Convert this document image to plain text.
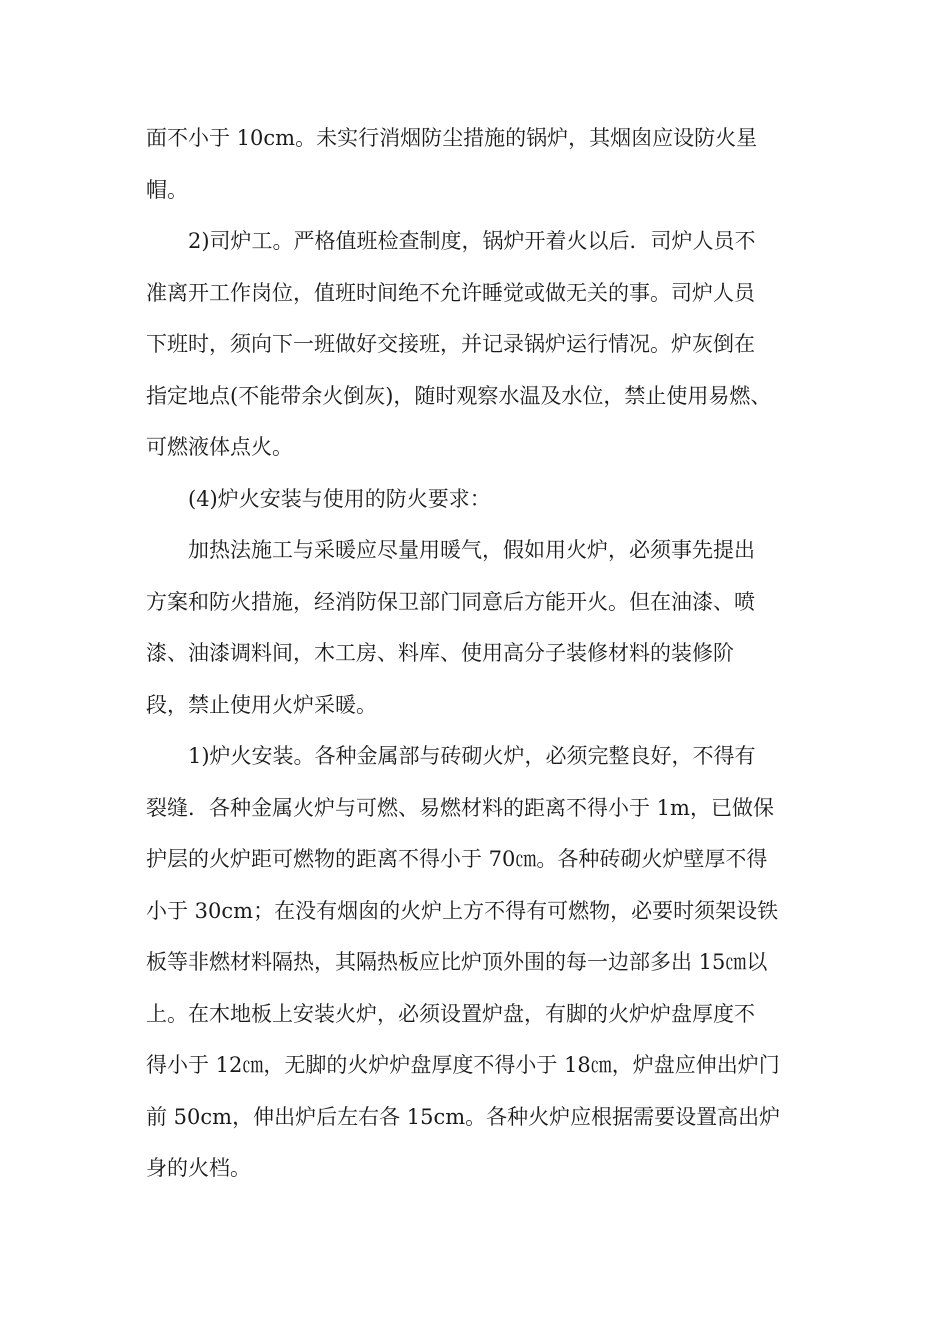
面不小于 10cm。未实行消烟防尘措施的锅炉，其烟囱应设防火星

帽。

2)司炉工。严格值班检查制度，锅炉开着火以后．司炉人员不

准离开工作岗位，值班时间绝不允许睡觉或做无关的事。司炉人员

下班时，须向下一班做好交接班，并记录锅炉运行情况。炉灰倒在

指定地点(不能带余火倒灰)，随时观察水温及水位，禁止使用易燃、

可燃液体点火。

(4)炉火安装与使用的防火要求：

加热法施工与采暖应尽量用暖气，假如用火炉，必须事先提出

方案和防火措施，经消防保卫部门同意后方能开火。但在油漆、喷

漆、油漆调料间，木工房、料库、使用高分子装修材料的装修阶

段，禁止使用火炉采暖。

1)炉火安装。各种金属部与砖砌火炉，必须完整良好，不得有

裂缝．各种金属火炉与可燃、易燃材料的距离不得小于 1m，已做保

护层的火炉距可燃物的距离不得小于 70㎝。各种砖砌火炉壁厚不得

小于 30cm；在没有烟囱的火炉上方不得有可燃物，必要时须架设铁

板等非燃材料隔热，其隔热板应比炉顶外围的每一边部多出 15㎝以

上。在木地板上安装火炉，必须设置炉盘，有脚的火炉炉盘厚度不

得小于 12㎝，无脚的火炉炉盘厚度不得小于 18㎝，炉盘应伸出炉门

前 50cm，伸出炉后左右各 15cm。各种火炉应根据需要设置高出炉

身的火档。
